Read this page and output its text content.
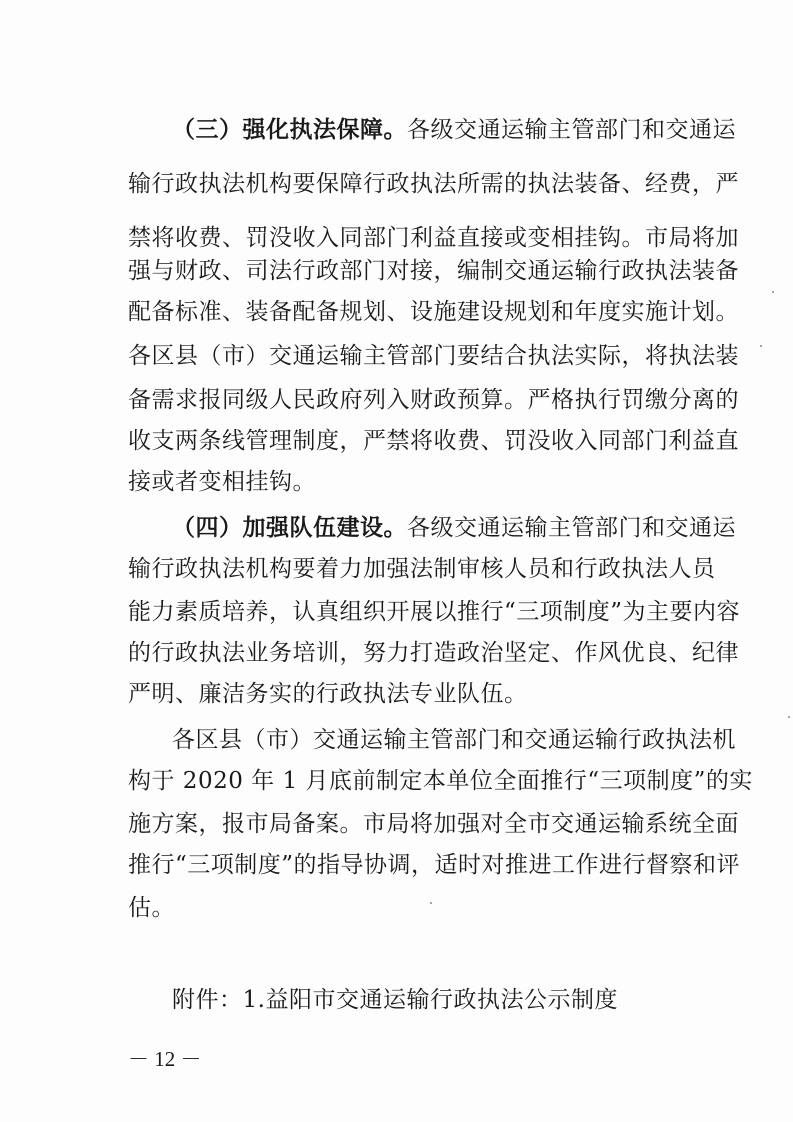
（三）强化执法保障。各级交通运输主管部门和交通运
输行政执法机构要保障行政执法所需的执法装备、经费，严
禁将收费、罚没收入同部门利益直接或变相挂钩。市局将加
强与财政、司法行政部门对接，编制交通运输行政执法装备
配备标准、装备配备规划、设施建设规划和年度实施计划。
各区县（市）交通运输主管部门要结合执法实际，将执法装
备需求报同级人民政府列入财政预算。严格执行罚缴分离的
收支两条线管理制度，严禁将收费、罚没收入同部门利益直
接或者变相挂钩。
（四）加强队伍建设。各级交通运输主管部门和交通运
输行政执法机构要着力加强法制审核人员和行政执法人员
能力素质培养，认真组织开展以推行“三项制度”为主要内容
的行政执法业务培训，努力打造政治坚定、作风优良、纪律
严明、廉洁务实的行政执法专业队伍。
各区县（市）交通运输主管部门和交通运输行政执法机
构于 2020 年 1 月底前制定本单位全面推行“三项制度”的实
施方案，报市局备案。市局将加强对全市交通运输系统全面
推行“三项制度”的指导协调，适时对推进工作进行督察和评
估。
附件：1.益阳市交通运输行政执法公示制度
－ 12 －
